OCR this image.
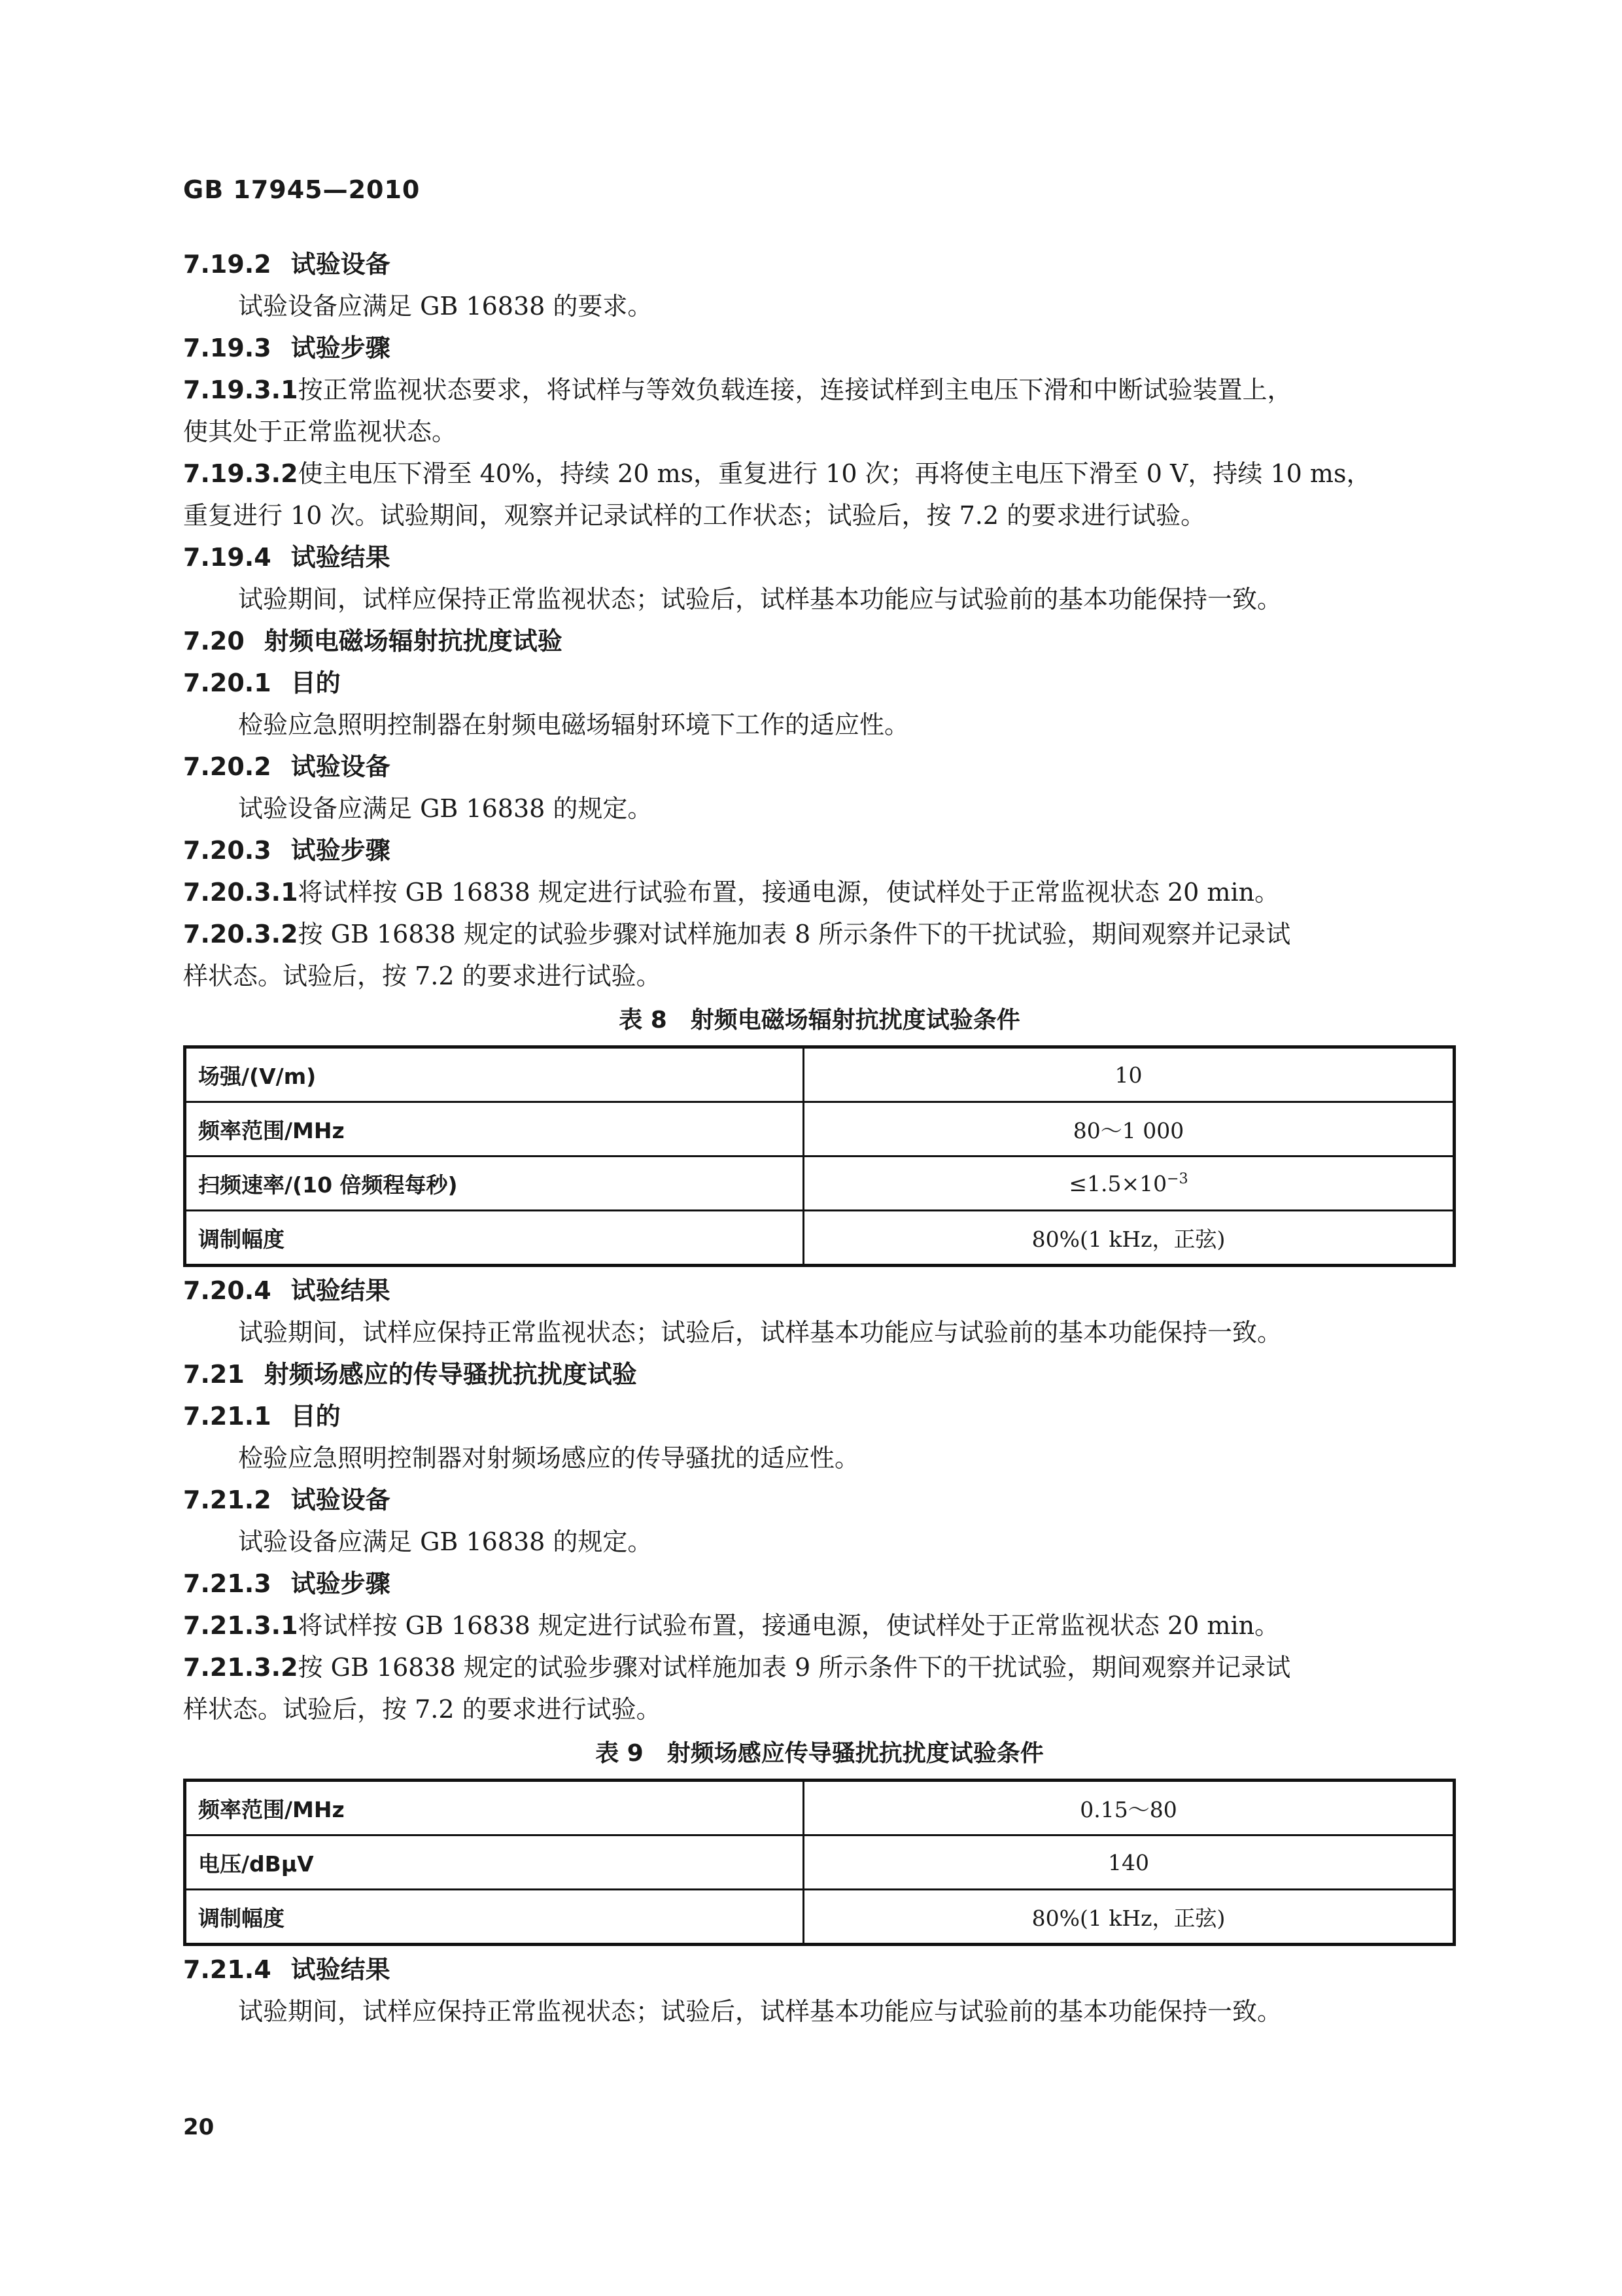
GB 17945—2010

7.19.2 试验设备

试验设备应满足 GB 16838 的要求。

7.19.3 试验步骤

7.19.3.1按正常监视状态要求，将试样与等效负载连接，连接试样到主电压下滑和中断试验装置上，

使其处于正常监视状态。

7.19.3.2使主电压下滑至 40%，持续 20 ms，重复进行 10 次；再将使主电压下滑至 0 V，持续 10 ms，

重复进行 10 次。试验期间，观察并记录试样的工作状态；试验后，按 7.2 的要求进行试验。

7.19.4 试验结果

试验期间，试样应保持正常监视状态；试验后，试样基本功能应与试验前的基本功能保持一致。

7.20 射频电磁场辐射抗扰度试验

7.20.1 目的

检验应急照明控制器在射频电磁场辐射环境下工作的适应性。

7.20.2 试验设备

试验设备应满足 GB 16838 的规定。

7.20.3 试验步骤

7.20.3.1将试样按 GB 16838 规定进行试验布置，接通电源，使试样处于正常监视状态 20 min。

7.20.3.2按 GB 16838 规定的试验步骤对试样施加表 8 所示条件下的干扰试验，期间观察并记录试

样状态。试验后，按 7.2 的要求进行试验。

表 8　射频电磁场辐射抗扰度试验条件
场强/(V/m)	10
频率范围/MHz	80～1 000
扫频速率/(10 倍频程每秒)	$\le 1.5\times 10^{-3}$
调制幅度	80%(1 kHz，正弦)

7.20.4 试验结果

试验期间，试样应保持正常监视状态；试验后，试样基本功能应与试验前的基本功能保持一致。

7.21 射频场感应的传导骚扰抗扰度试验

7.21.1 目的

检验应急照明控制器对射频场感应的传导骚扰的适应性。

7.21.2 试验设备

试验设备应满足 GB 16838 的规定。

7.21.3 试验步骤

7.21.3.1将试样按 GB 16838 规定进行试验布置，接通电源，使试样处于正常监视状态 20 min。

7.21.3.2按 GB 16838 规定的试验步骤对试样施加表 9 所示条件下的干扰试验，期间观察并记录试

样状态。试验后，按 7.2 的要求进行试验。

表 9　射频场感应传导骚扰抗扰度试验条件
频率范围/MHz	0.15～80
电压/dBμV	140
调制幅度	80%(1 kHz，正弦)

7.21.4 试验结果

试验期间，试样应保持正常监视状态；试验后，试样基本功能应与试验前的基本功能保持一致。

20
